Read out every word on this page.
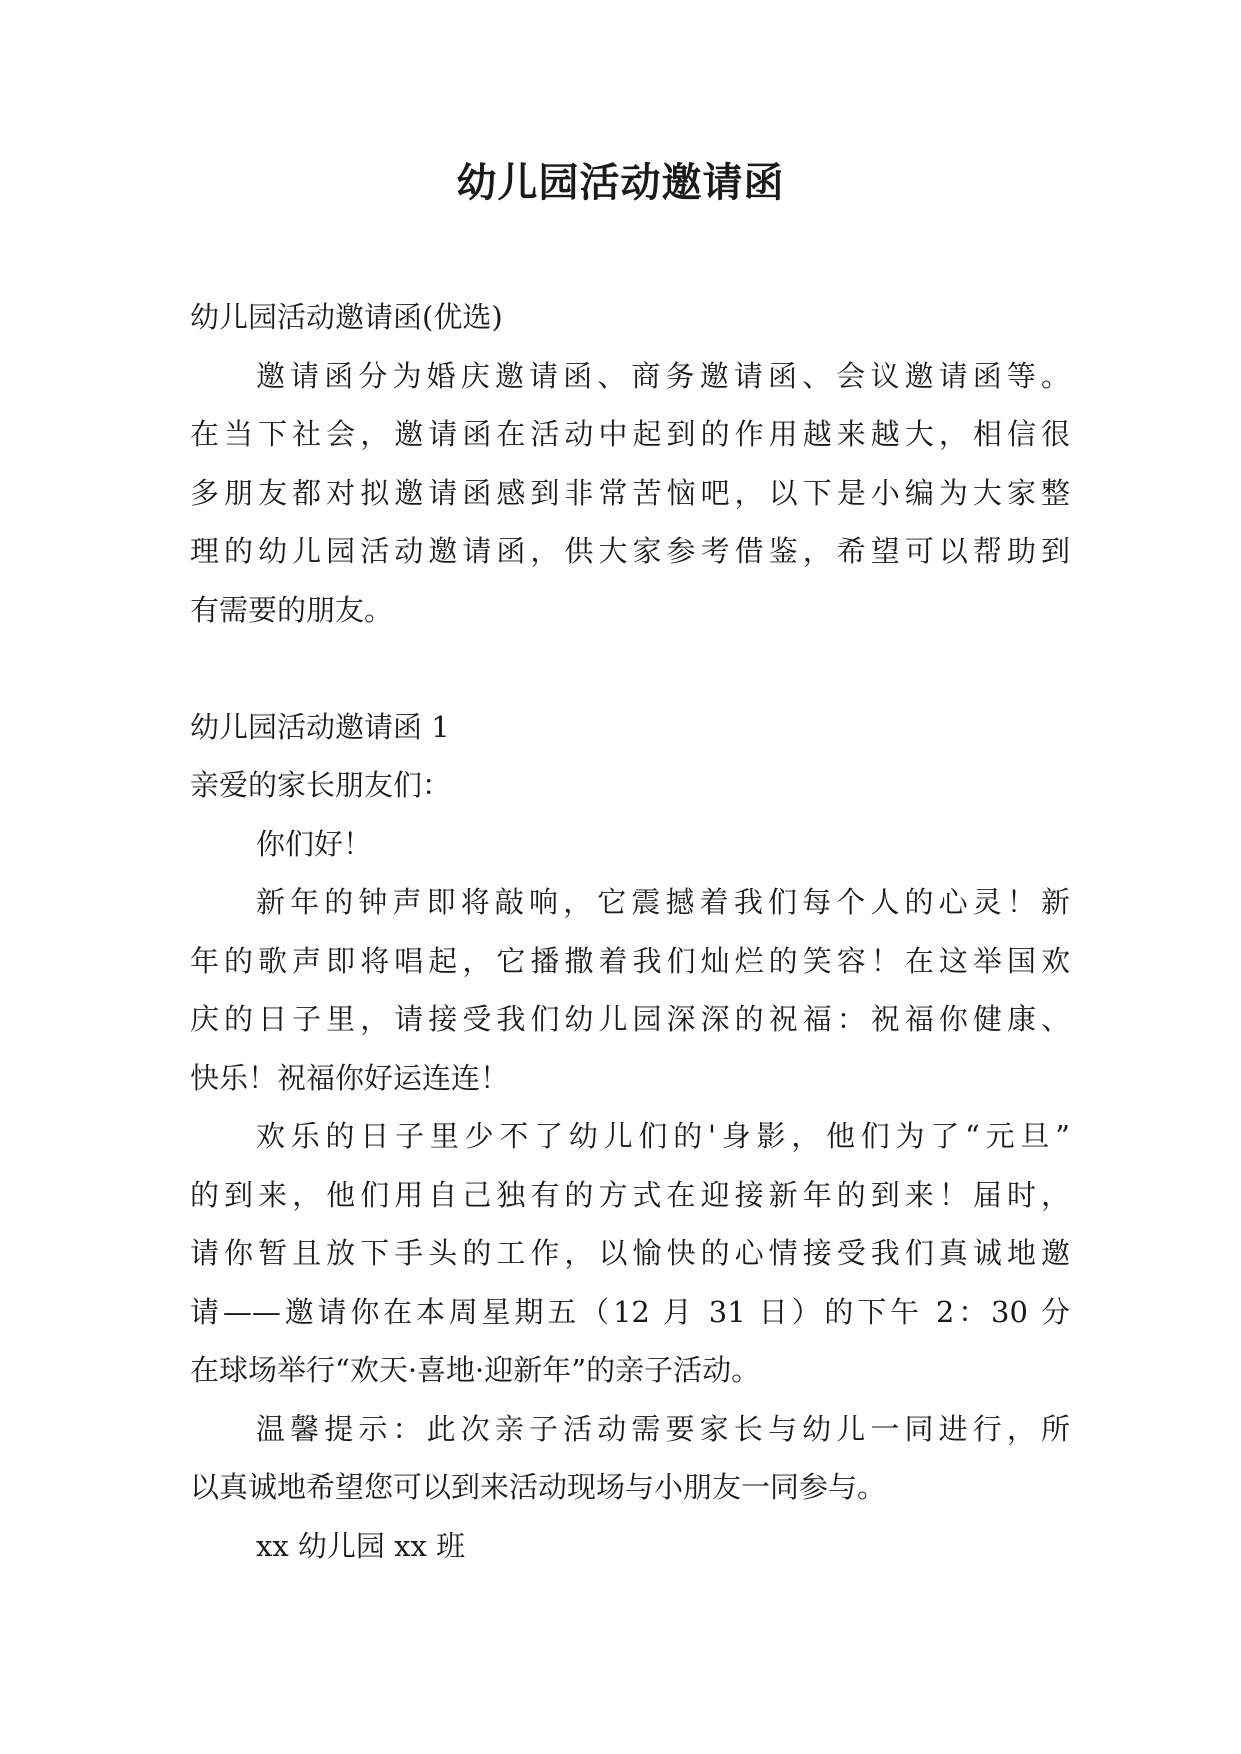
幼儿园活动邀请函

幼儿园活动邀请函(优选)

邀请函分为婚庆邀请函、商务邀请函、会议邀请函等。

在当下社会，邀请函在活动中起到的作用越来越大，相信很

多朋友都对拟邀请函感到非常苦恼吧，以下是小编为大家整

理的幼儿园活动邀请函，供大家参考借鉴，希望可以帮助到

有需要的朋友。

幼儿园活动邀请函 1

亲爱的家长朋友们：

你们好！

新年的钟声即将敲响，它震撼着我们每个人的心灵！新

年的歌声即将唱起，它播撒着我们灿烂的笑容！在这举国欢

庆的日子里，请接受我们幼儿园深深的祝福：祝福你健康、

快乐！祝福你好运连连！

欢乐的日子里少不了幼儿们的'身影，他们为了“元旦”

的到来，他们用自己独有的方式在迎接新年的到来！届时，

请你暂且放下手头的工作，以愉快的心情接受我们真诚地邀

请——邀请你在本周星期五（12 月 31 日）的下午 2：30 分

在球场举行“欢天·喜地·迎新年”的亲子活动。

温馨提示：此次亲子活动需要家长与幼儿一同进行，所

以真诚地希望您可以到来活动现场与小朋友一同参与。

xx 幼儿园 xx 班
